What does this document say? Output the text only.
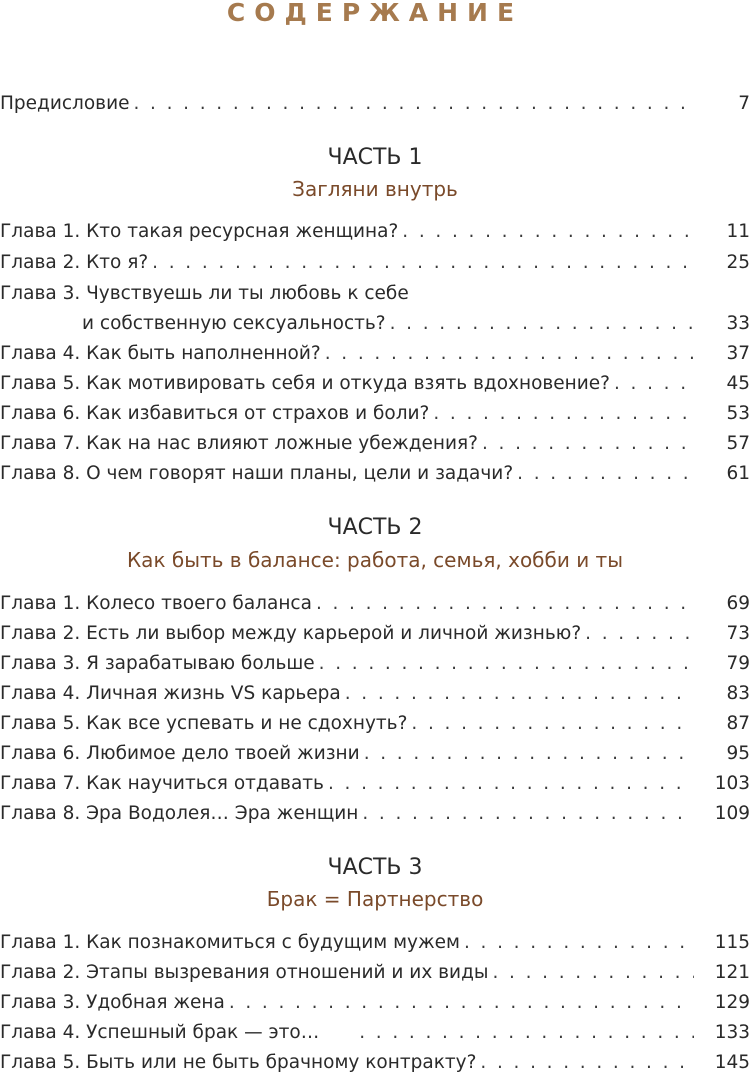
СОДЕРЖАНИЕ
Предисловие . . .	7
ЧАСТЬ 1
Загляни внутрь
Глава 1. Кто такая ресурсная женщина? . . .	11
Глава 2. Кто я? . . .	25
Глава 3. Чувствуешь ли ты любовь к себе
и собственную сексуальность? . . .	33
Глава 4. Как быть наполненной? . . .	37
Глава 5. Как мотивировать себя и откуда взять вдохновение? . . .	45
Глава 6. Как избавиться от страхов и боли? . . .	53
Глава 7. Как на нас влияют ложные убеждения? . . .	57
Глава 8. О чем говорят наши планы, цели и задачи? . . .	61
ЧАСТЬ 2
Как быть в балансе: работа, семья, хобби и ты
Глава 1. Колесо твоего баланса . . .	69
Глава 2. Есть ли выбор между карьерой и личной жизнью? . . .	73
Глава 3. Я зарабатываю больше . . .	79
Глава 4. Личная жизнь VS карьера . . .	83
Глава 5. Как все успевать и не сдохнуть? . . .	87
Глава 6. Любимое дело твоей жизни . . .	95
Глава 7. Как научиться отдавать . . .	103
Глава 8. Эра Водолея… Эра женщин . . .	109
ЧАСТЬ 3
Брак = Партнерство
Глава 1. Как познакомиться с будущим мужем . . .	115
Глава 2. Этапы вызревания отношений и их виды . . .	121
Глава 3. Удобная жена . . .	129
Глава 4. Успешный брак — это… . . .	133
Глава 5. Быть или не быть брачному контракту? . . .	145
